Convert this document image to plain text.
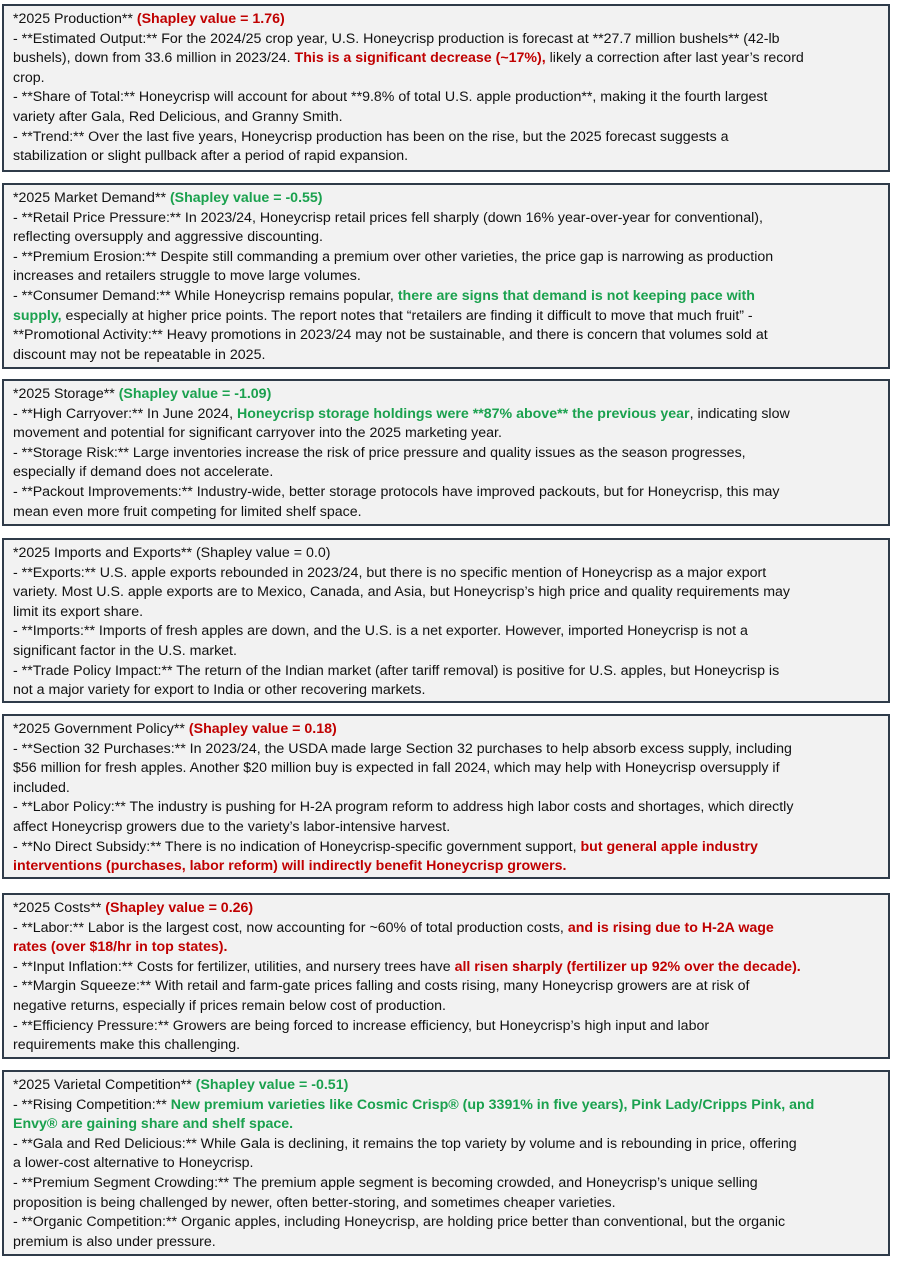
*2025 Production** (Shapley value = 1.76)
- **Estimated Output:** For the 2024/25 crop year, U.S. Honeycrisp production is forecast at **27.7 million bushels** (42-lb
bushels), down from 33.6 million in 2023/24. This is a significant decrease (~17%), likely a correction after last year’s record
crop.
- **Share of Total:** Honeycrisp will account for about **9.8% of total U.S. apple production**, making it the fourth largest
variety after Gala, Red Delicious, and Granny Smith.
- **Trend:** Over the last five years, Honeycrisp production has been on the rise, but the 2025 forecast suggests a
stabilization or slight pullback after a period of rapid expansion.
*2025 Market Demand** (Shapley value = -0.55)
- **Retail Price Pressure:** In 2023/24, Honeycrisp retail prices fell sharply (down 16% year-over-year for conventional),
reflecting oversupply and aggressive discounting.
- **Premium Erosion:** Despite still commanding a premium over other varieties, the price gap is narrowing as production
increases and retailers struggle to move large volumes.
- **Consumer Demand:** While Honeycrisp remains popular, there are signs that demand is not keeping pace with
supply, especially at higher price points. The report notes that “retailers are finding it difficult to move that much fruit” -
**Promotional Activity:** Heavy promotions in 2023/24 may not be sustainable, and there is concern that volumes sold at
discount may not be repeatable in 2025.
*2025 Storage** (Shapley value = -1.09)
- **High Carryover:** In June 2024, Honeycrisp storage holdings were **87% above** the previous year, indicating slow
movement and potential for significant carryover into the 2025 marketing year.
- **Storage Risk:** Large inventories increase the risk of price pressure and quality issues as the season progresses,
especially if demand does not accelerate.
- **Packout Improvements:** Industry-wide, better storage protocols have improved packouts, but for Honeycrisp, this may
mean even more fruit competing for limited shelf space.
*2025 Imports and Exports** (Shapley value = 0.0)
- **Exports:** U.S. apple exports rebounded in 2023/24, but there is no specific mention of Honeycrisp as a major export
variety. Most U.S. apple exports are to Mexico, Canada, and Asia, but Honeycrisp’s high price and quality requirements may
limit its export share.
- **Imports:** Imports of fresh apples are down, and the U.S. is a net exporter. However, imported Honeycrisp is not a
significant factor in the U.S. market.
- **Trade Policy Impact:** The return of the Indian market (after tariff removal) is positive for U.S. apples, but Honeycrisp is
not a major variety for export to India or other recovering markets.
*2025 Government Policy** (Shapley value = 0.18)
- **Section 32 Purchases:** In 2023/24, the USDA made large Section 32 purchases to help absorb excess supply, including
$56 million for fresh apples. Another $20 million buy is expected in fall 2024, which may help with Honeycrisp oversupply if
included.
- **Labor Policy:** The industry is pushing for H-2A program reform to address high labor costs and shortages, which directly
affect Honeycrisp growers due to the variety’s labor-intensive harvest.
- **No Direct Subsidy:** There is no indication of Honeycrisp-specific government support, but general apple industry
interventions (purchases, labor reform) will indirectly benefit Honeycrisp growers.
*2025 Costs** (Shapley value = 0.26)
- **Labor:** Labor is the largest cost, now accounting for ~60% of total production costs, and is rising due to H-2A wage
rates (over $18/hr in top states).
- **Input Inflation:** Costs for fertilizer, utilities, and nursery trees have all risen sharply (fertilizer up 92% over the decade).
- **Margin Squeeze:** With retail and farm-gate prices falling and costs rising, many Honeycrisp growers are at risk of
negative returns, especially if prices remain below cost of production.
- **Efficiency Pressure:** Growers are being forced to increase efficiency, but Honeycrisp’s high input and labor
requirements make this challenging.
*2025 Varietal Competition** (Shapley value = -0.51)
- **Rising Competition:** New premium varieties like Cosmic Crisp® (up 3391% in five years), Pink Lady/Cripps Pink, and
Envy® are gaining share and shelf space.
- **Gala and Red Delicious:** While Gala is declining, it remains the top variety by volume and is rebounding in price, offering
a lower-cost alternative to Honeycrisp.
- **Premium Segment Crowding:** The premium apple segment is becoming crowded, and Honeycrisp’s unique selling
proposition is being challenged by newer, often better-storing, and sometimes cheaper varieties.
- **Organic Competition:** Organic apples, including Honeycrisp, are holding price better than conventional, but the organic
premium is also under pressure.
